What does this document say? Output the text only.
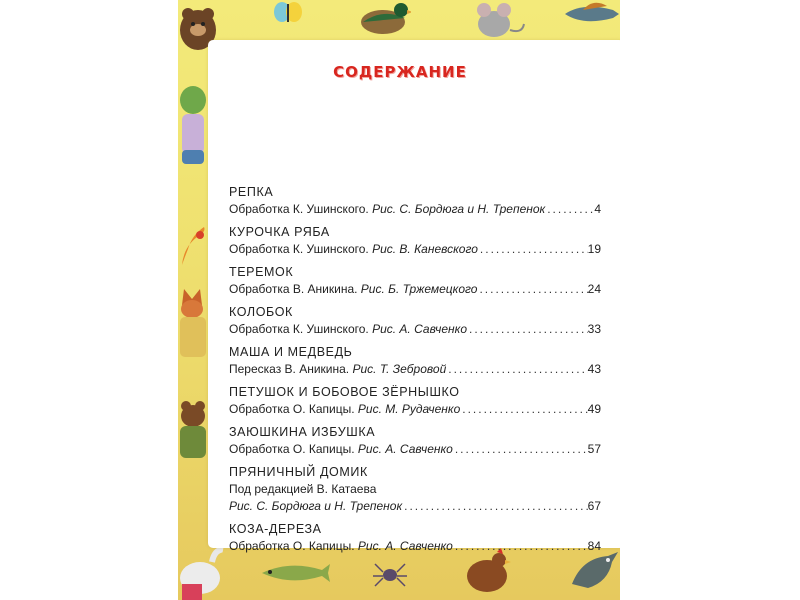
СОДЕРЖАНИЕ
РЕПКА
Обработка К. Ушинского. Рис. С. Бордюга и Н. Трепенок .....	4
КУРОЧКА РЯБА
Обработка К. Ушинского. Рис. В. Каневского .....	19
ТЕРЕМОК
Обработка В. Аникина. Рис. Б. Тржемецкого .....	24
КОЛОБОК
Обработка К. Ушинского. Рис. А. Савченко .....	33
МАША И МЕДВЕДЬ
Пересказ В. Аникина. Рис. Т. Зебровой .....	43
ПЕТУШОК И БОБОВОЕ ЗЁРНЫШКО
Обработка О. Капицы. Рис. М. Рудаченко .....	49
ЗАЮШКИНА ИЗБУШКА
Обработка О. Капицы. Рис. А. Савченко .....	57
ПРЯНИЧНЫЙ ДОМИК
Под редакцией В. Катаева
Рис. С. Бордюга и Н. Трепенок .....	67
КОЗА-ДЕРЕЗА
Обработка О. Капицы. Рис. А. Савченко .....	84
